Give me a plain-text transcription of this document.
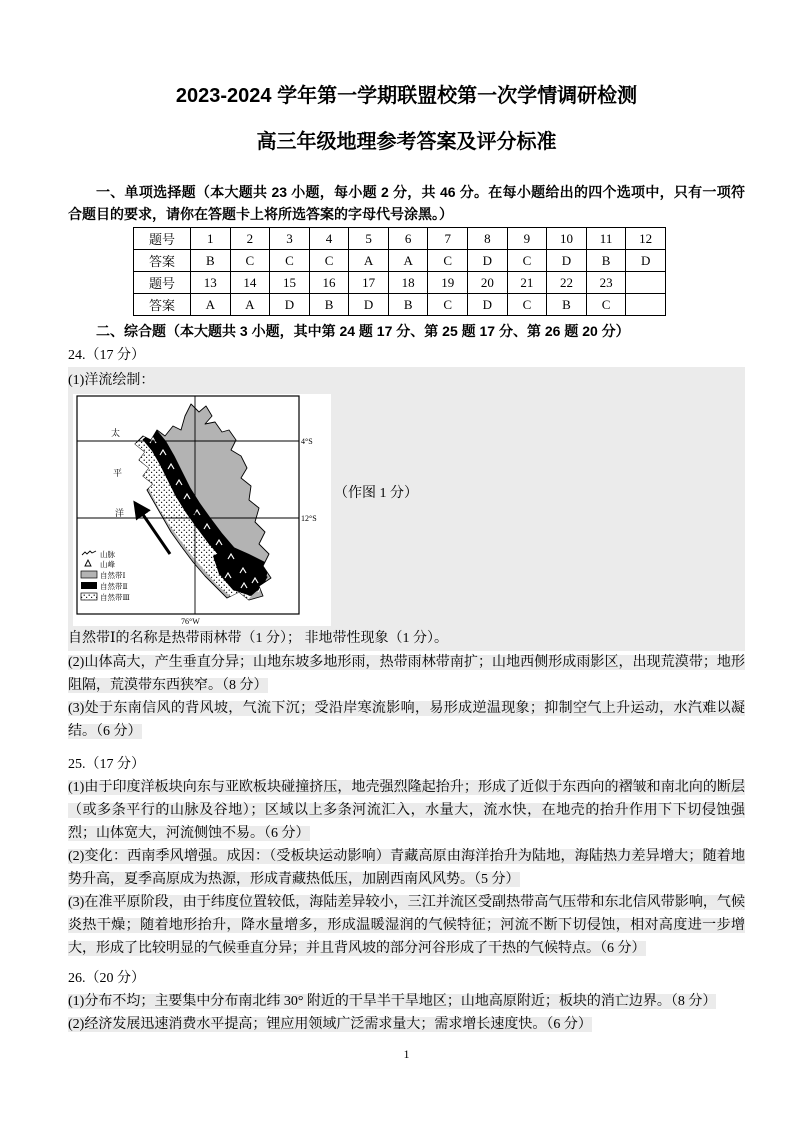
2023-2024 学年第一学期联盟校第一次学情调研检测
高三年级地理参考答案及评分标准
一、单项选择题（本大题共 23 小题，每小题 2 分，共 46 分。在每小题给出的四个选项中，只有一项符合题目的要求，请你在答题卡上将所选答案的字母代号涂黑。）
题号	1	2	3	4	5	6	7	8	9	10	11	12
答案	B	C	C	C	A	A	C	D	C	D	B	D
题号	13	14	15	16	17	18	19	20	21	22	23	
答案	A	A	D	B	D	B	C	D	C	B	C	
二、综合题（本大题共 3 小题，其中第 24 题 17 分、第 25 题 17 分、第 26 题 20 分）
24.（17 分）
(1)洋流绘制：
太
平
洋
4°S
12°S
76°W
山脉
山峰
自然带Ⅰ
自然带Ⅱ
自然带Ⅲ
（作图 1 分）
自然带Ⅰ的名称是热带雨林带（1 分）； 非地带性现象（1 分）。

(2)山体高大，产生垂直分异；山地东坡多地形雨，热带雨林带南扩；山地西侧形成雨影区，出现荒漠带；地形阻隔，荒漠带东西狭窄。（8 分）

(3)处于东南信风的背风坡，气流下沉；受沿岸寒流影响，易形成逆温现象；抑制空气上升运动，水汽难以凝结。（6 分）

25.（17 分）

(1)由于印度洋板块向东与亚欧板块碰撞挤压，地壳强烈隆起抬升；形成了近似于东西向的褶皱和南北向的断层（或多条平行的山脉及谷地）；区域以上多条河流汇入，水量大，流水快，在地壳的抬升作用下下切侵蚀强烈；山体宽大，河流侧蚀不易。（6 分）

(2)变化：西南季风增强。成因：（受板块运动影响）青藏高原由海洋抬升为陆地，海陆热力差异增大；随着地势升高，夏季高原成为热源，形成青藏热低压，加剧西南风风势。（5 分）

(3)在准平原阶段，由于纬度位置较低，海陆差异较小，三江并流区受副热带高气压带和东北信风带影响，气候炎热干燥；随着地形抬升，降水量增多，形成温暖湿润的气候特征；河流不断下切侵蚀，相对高度进一步增大，形成了比较明显的气候垂直分异；并且背风坡的部分河谷形成了干热的气候特点。（6 分）

26.（20 分）

(1)分布不均；主要集中分布南北纬 30° 附近的干旱半干旱地区；山地高原附近；板块的消亡边界。（8 分）

(2)经济发展迅速消费水平提高；锂应用领域广泛需求量大；需求增长速度快。（6 分）

1
